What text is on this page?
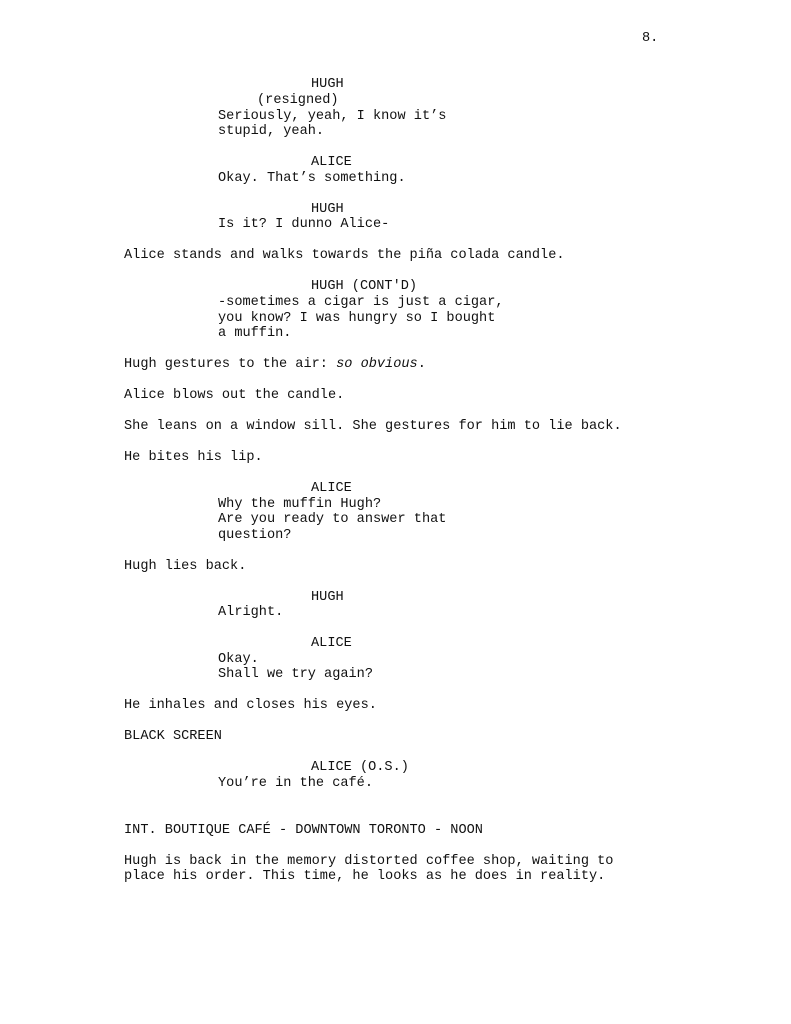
8.
HUGH
(resigned)
Seriously, yeah, I know it’s
stupid, yeah.
ALICE
Okay. That’s something.
HUGH
Is it? I dunno Alice-
Alice stands and walks towards the piña colada candle.
HUGH (CONT'D)
-sometimes a cigar is just a cigar,
you know? I was hungry so I bought
a muffin.
Hugh gestures to the air: so obvious.
Alice blows out the candle.
She leans on a window sill. She gestures for him to lie back.
He bites his lip.
ALICE
Why the muffin Hugh?
Are you ready to answer that
question?
Hugh lies back.
HUGH
Alright.
ALICE
Okay.
Shall we try again?
He inhales and closes his eyes.
BLACK SCREEN
ALICE (O.S.)
You’re in the café.
INT. BOUTIQUE CAFÉ - DOWNTOWN TORONTO - NOON
Hugh is back in the memory distorted coffee shop, waiting to
place his order. This time, he looks as he does in reality.
